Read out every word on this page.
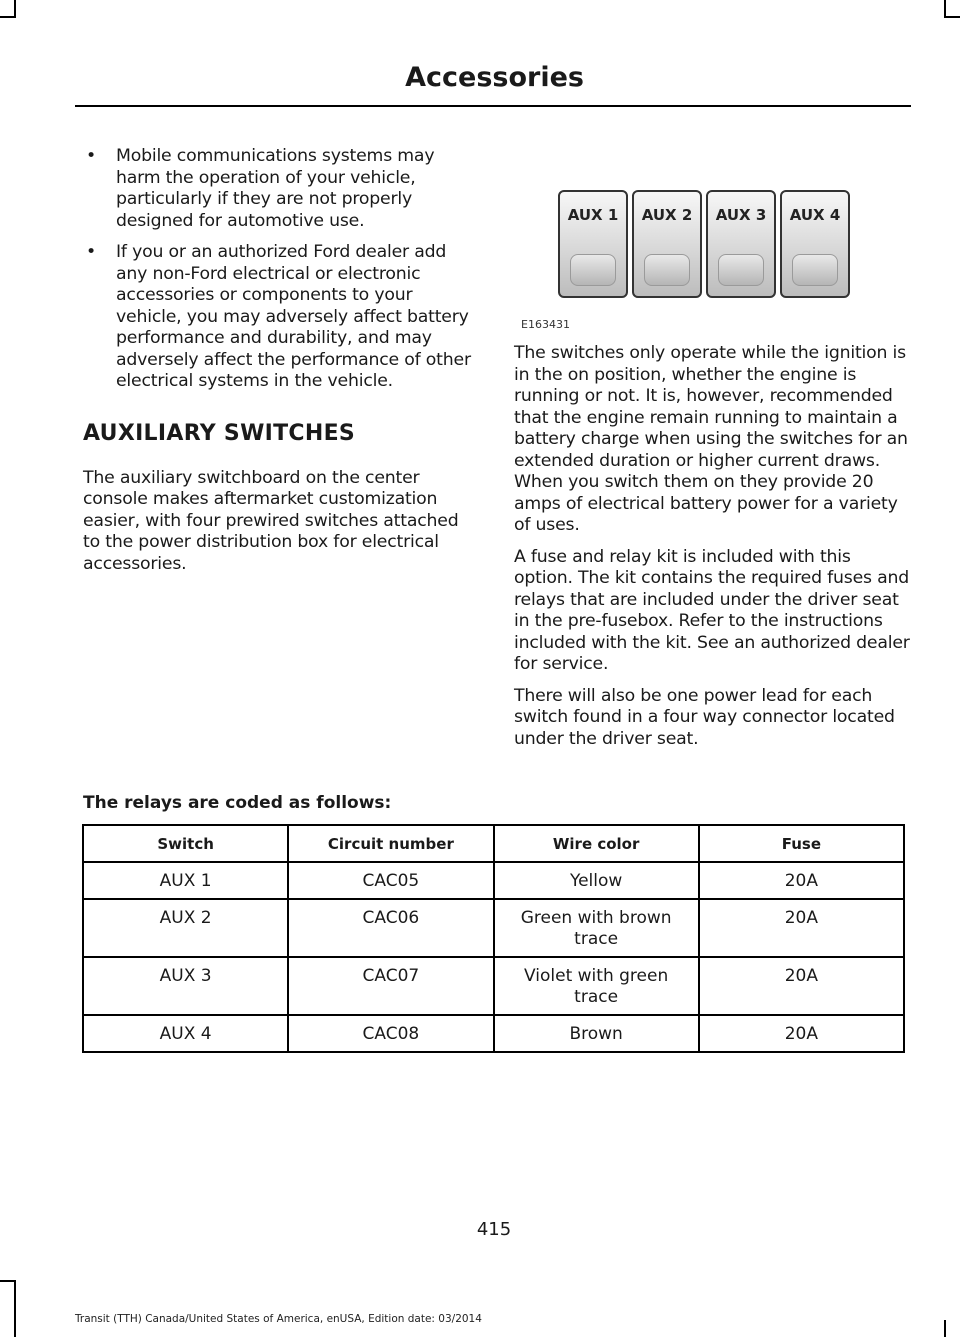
Accessories
• Mobile communications systems may harm the operation of your vehicle, particularly if they are not properly designed for automotive use.
• If you or an authorized Ford dealer add any non-Ford electrical or electronic accessories or components to your vehicle, you may adversely affect battery performance and durability, and may adversely affect the performance of other electrical systems in the vehicle.
AUXILIARY SWITCHES

The auxiliary switchboard on the center console makes aftermarket customization easier, with four prewired switches attached to the power distribution box for electrical accessories.

AUX 1	AUX 2	AUX 3	AUX 4
E163431

The switches only operate while the ignition is in the on position, whether the engine is running or not. It is, however, recommended that the engine remain running to maintain a battery charge when using the switches for an extended duration or higher current draws. When you switch them on they provide 20 amps of electrical battery power for a variety of uses.

A fuse and relay kit is included with this option. The kit contains the required fuses and relays that are included under the driver seat in the pre-fusebox. Refer to the instructions included with the kit. See an authorized dealer for service.

There will also be one power lead for each switch found in a four way connector located under the driver seat.

The relays are coded as follows:
Switch	Circuit number	Wire color	Fuse
AUX 1	CAC05	Yellow	20A
AUX 2	CAC06	Green with brown trace	20A
AUX 3	CAC07	Violet with green trace	20A
AUX 4	CAC08	Brown	20A
415
Transit (TTH) Canada/United States of America, enUSA, Edition date: 03/2014
